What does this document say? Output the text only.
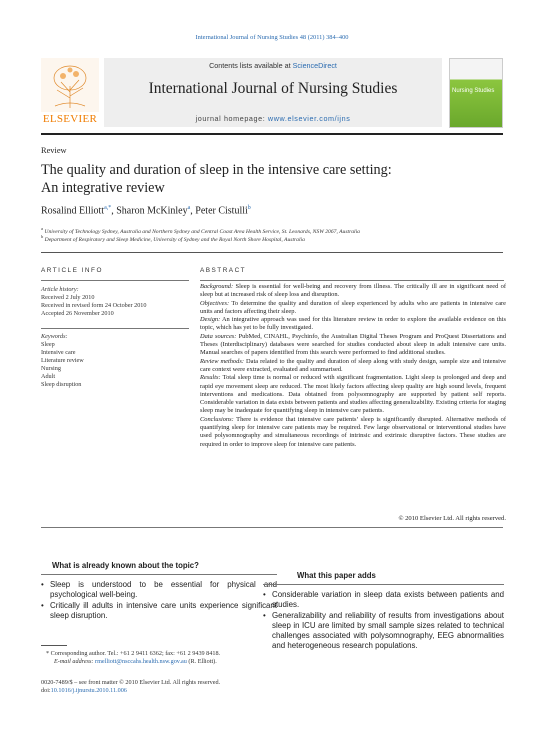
International Journal of Nursing Studies 48 (2011) 384–400
ELSEVIER
Contents lists available at ScienceDirect
International Journal of Nursing Studies
journal homepage: www.elsevier.com/ijns
Nursing Studies
Review
The quality and duration of sleep in the intensive care setting:
An integrative review
Rosalind Elliott$^{a,*}$, Sharon McKinley$^a$, Peter Cistulli$^b$
$^a$ University of Technology Sydney, Australia and Northern Sydney and Central Coast Area Health Service, St. Leonards, NSW 2067, Australia
$^b$ Department of Respiratory and Sleep Medicine, University of Sydney and the Royal North Shore Hospital, Australia
ARTICLE INFO
Article history:
Received 2 July 2010
Received in revised form 24 October 2010
Accepted 26 November 2010
Keywords:
Sleep
Intensive care
Literature review
Nursing
Adult
Sleep disruption
ABSTRACT

Background: Sleep is essential for well-being and recovery from illness. The critically ill are in significant need of sleep but at increased risk of sleep loss and disruption.

Objectives: To determine the quality and duration of sleep experienced by adults who are patients in intensive care units and factors affecting their sleep.

Design: An integrative approach was used for this literature review in order to explore the available evidence on this topic, which has yet to be fully investigated.

Data sources: PubMed, CINAHL, Psychinfo, the Australian Digital Theses Program and ProQuest Dissertations and Theses (Interdisciplinary) databases were searched for studies conducted about sleep in adult intensive care units. Manual searches of papers identified from this search were performed to find additional studies.

Review methods: Data related to the quality and duration of sleep along with study design, sample size and intensive care context were extracted, evaluated and summarised.

Results: Total sleep time is normal or reduced with significant fragmentation. Light sleep is prolonged and deep and rapid eye movement sleep are reduced. The most likely factors affecting sleep quality are high sound levels, frequent interventions and medications. Data obtained from polysomnography are supported by patient self reports. Considerable variation in data exists between patients and studies affecting generalizability. Existing criteria for staging sleep may be inadequate for quantifying sleep in intensive care patients.

Conclusions: There is evidence that intensive care patients’ sleep is significantly disrupted. Alternative methods of quantifying sleep for intensive care patients may be required. Few large observational or interventional studies have used polysomnography and simultaneous recordings of intrinsic and extrinsic disruptive factors. These studies are required in order to improve sleep for intensive care patients.

© 2010 Elsevier Ltd. All rights reserved.
What is already known about the topic?
• Sleep is understood to be essential for physical and psychological well-being.
• Critically ill adults in intensive care units experience significant sleep disruption.
What this paper adds
• Considerable variation in sleep data exists between patients and studies.
• Generalizability and reliability of results from investigations about sleep in ICU are limited by small sample sizes related to technical challenges associated with polysomnography, EEG abnormalities and heterogeneous research populations.
* Corresponding author. Tel.: +61 2 9411 6362; fax: +61 2 9439 8418.
E-mail address: rmelliott@nsccahs.health.nsw.gov.au (R. Elliott).
0020-7489/$ – see front matter © 2010 Elsevier Ltd. All rights reserved.
doi:10.1016/j.ijnurstu.2010.11.006
